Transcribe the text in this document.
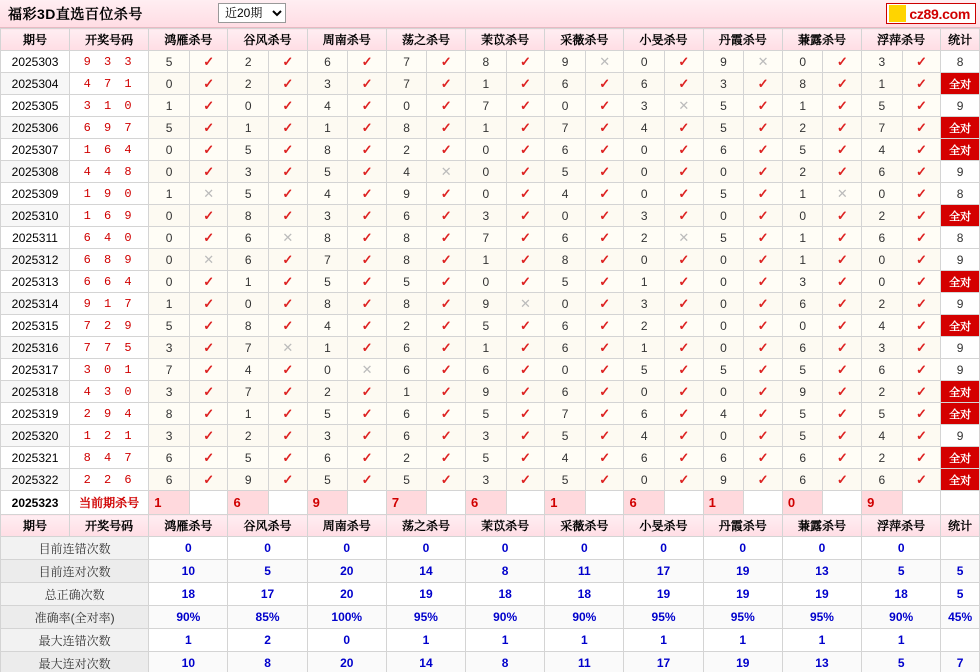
福彩3D直选百位杀号
近20期	cz89.com
期号	开奖号码	鸿雁杀号		谷风杀号		周南杀号		荡之杀号		茉苡杀号		采薇杀号		小旻杀号		丹霞杀号		蒹露杀号		浮萍杀号		统计
2025303	9 3 3	5	✓	2	✓	6	✓	7	✓	8	✓	9	✕	0	✓	9	✕	0	✓	3	✓	8
2025304	4 7 1	0	✓	2	✓	3	✓	7	✓	1	✓	6	✓	6	✓	3	✓	8	✓	1	✓	全对
2025305	3 1 0	1	✓	0	✓	4	✓	0	✓	7	✓	0	✓	3	✕	5	✓	1	✓	5	✓	9
2025306	6 9 7	5	✓	1	✓	1	✓	8	✓	1	✓	7	✓	4	✓	5	✓	2	✓	7	✓	全对
2025307	1 6 4	0	✓	5	✓	8	✓	2	✓	0	✓	6	✓	0	✓	6	✓	5	✓	4	✓	全对
2025308	4 4 8	0	✓	3	✓	5	✓	4	✕	0	✓	5	✓	0	✓	0	✓	2	✓	6	✓	9
2025309	1 9 0	1	✕	5	✓	4	✓	9	✓	0	✓	4	✓	0	✓	5	✓	1	✕	0	✓	8
2025310	1 6 9	0	✓	8	✓	3	✓	6	✓	3	✓	0	✓	3	✓	0	✓	0	✓	2	✓	全对
2025311	6 4 0	0	✓	6	✕	8	✓	8	✓	7	✓	6	✓	2	✕	5	✓	1	✓	6	✓	8
2025312	6 8 9	0	✕	6	✓	7	✓	8	✓	1	✓	8	✓	0	✓	0	✓	1	✓	0	✓	9
2025313	6 6 4	0	✓	1	✓	5	✓	5	✓	0	✓	5	✓	1	✓	0	✓	3	✓	0	✓	全对
2025314	9 1 7	1	✓	0	✓	8	✓	8	✓	9	✕	0	✓	3	✓	0	✓	6	✓	2	✓	9
2025315	7 2 9	5	✓	8	✓	4	✓	2	✓	5	✓	6	✓	2	✓	0	✓	0	✓	4	✓	全对
2025316	7 7 5	3	✓	7	✕	1	✓	6	✓	1	✓	6	✓	1	✓	0	✓	6	✓	3	✓	9
2025317	3 0 1	7	✓	4	✓	0	✕	6	✓	6	✓	0	✓	5	✓	5	✓	5	✓	6	✓	9
2025318	4 3 0	3	✓	7	✓	2	✓	1	✓	9	✓	6	✓	0	✓	0	✓	9	✓	2	✓	全对
2025319	2 9 4	8	✓	1	✓	5	✓	6	✓	5	✓	7	✓	6	✓	4	✓	5	✓	5	✓	全对
2025320	1 2 1	3	✓	2	✓	3	✓	6	✓	3	✓	5	✓	4	✓	0	✓	5	✓	4	✓	9
2025321	8 4 7	6	✓	5	✓	6	✓	2	✓	5	✓	4	✓	6	✓	6	✓	6	✓	2	✓	全对
2025322	2 2 6	6	✓	9	✓	5	✓	5	✓	3	✓	5	✓	0	✓	9	✓	6	✓	6	✓	全对
2025323	当前期杀号	1		6		9		7		6		1		6		1		0		9		
期号	开奖号码	鸿雁杀号		谷风杀号		周南杀号		荡之杀号		茉苡杀号		采薇杀号		小旻杀号		丹霞杀号		蒹露杀号		浮萍杀号		统计
目前连错次数		0		0		0		0		0		0		0		0		0		0		
目前连对次数		10		5		20		14		8		11		17		19		13		5		5
总正确次数		18		17		20		19		18		18		19		19		19		18		5
准确率(全对率)		90%		85%		100%		95%		90%		90%		95%		95%		95%		90%		45%
最大连错次数		1		2		0		1		1		1		1		1		1		1		
最大连对次数		10		8		20		14		8		11		17		19		13		5		7
